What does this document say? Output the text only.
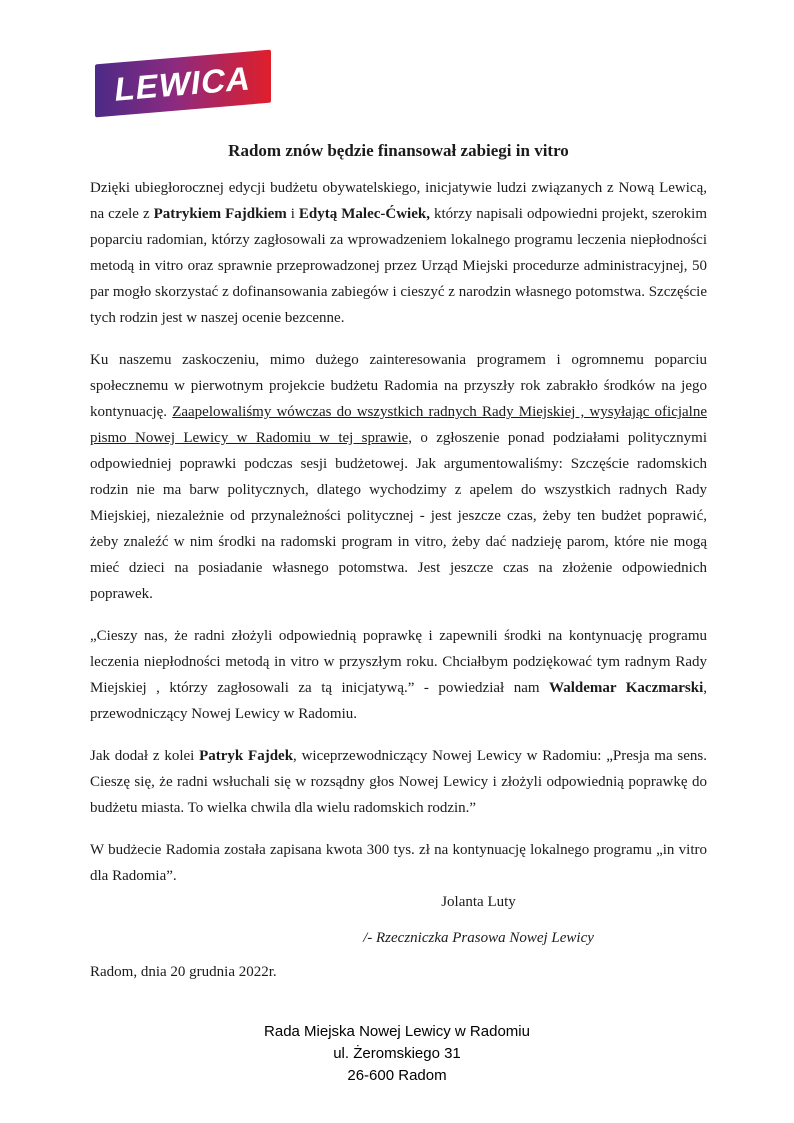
LEWICA
Radom znów będzie finansował zabiegi in vitro

Dzięki ubiegłorocznej edycji budżetu obywatelskiego, inicjatywie ludzi związanych z Nową Lewicą, na czele z Patrykiem Fajdkiem i Edytą Malec-Ćwiek, którzy napisali odpowiedni projekt, szerokim poparciu radomian, którzy zagłosowali za wprowadzeniem lokalnego programu leczenia niepłodności metodą in vitro oraz sprawnie przeprowadzonej przez Urząd Miejski procedurze administracyjnej, 50 par mogło skorzystać z dofinansowania zabiegów i cieszyć z narodzin własnego potomstwa. Szczęście tych rodzin jest w naszej ocenie bezcenne.

Ku naszemu zaskoczeniu, mimo dużego zainteresowania programem i ogromnemu poparciu społecznemu w pierwotnym projekcie budżetu Radomia na przyszły rok zabrakło środków na jego kontynuację. Zaapelowaliśmy wówczas do wszystkich radnych Rady Miejskiej , wysyłając oficjalne pismo Nowej Lewicy w Radomiu w tej sprawie, o zgłoszenie ponad podziałami politycznymi odpowiedniej poprawki podczas sesji budżetowej. Jak argumentowaliśmy: Szczęście radomskich rodzin nie ma barw politycznych, dlatego wychodzimy z apelem do wszystkich radnych Rady Miejskiej, niezależnie od przynależności politycznej - jest jeszcze czas, żeby ten budżet poprawić, żeby znaleźć w nim środki na radomski program in vitro, żeby dać nadzieję parom, które nie mogą mieć dzieci na posiadanie własnego potomstwa. Jest jeszcze czas na złożenie odpowiednich poprawek.

„Cieszy nas, że radni złożyli odpowiednią poprawkę i zapewnili środki na kontynuację programu leczenia niepłodności metodą in vitro w przyszłym roku. Chciałbym podziękować tym radnym Rady Miejskiej , którzy zagłosowali za tą inicjatywą.” - powiedział nam Waldemar Kaczmarski, przewodniczący Nowej Lewicy w Radomiu.

Jak dodał z kolei Patryk Fajdek, wiceprzewodniczący Nowej Lewicy w Radomiu: „Presja ma sens. Cieszę się, że radni wsłuchali się w rozsądny głos Nowej Lewicy i złożyli odpowiednią poprawkę do budżetu miasta. To wielka chwila dla wielu radomskich rodzin.”

W budżecie Radomia została zapisana kwota 300 tys. zł na kontynuację lokalnego programu „in vitro dla Radomia”.

Jolanta Luty

/- Rzeczniczka Prasowa Nowej Lewicy

Radom, dnia 20 grudnia 2022r.

Rada Miejska Nowej Lewicy w Radomiu

ul. Żeromskiego 31

26-600 Radom
